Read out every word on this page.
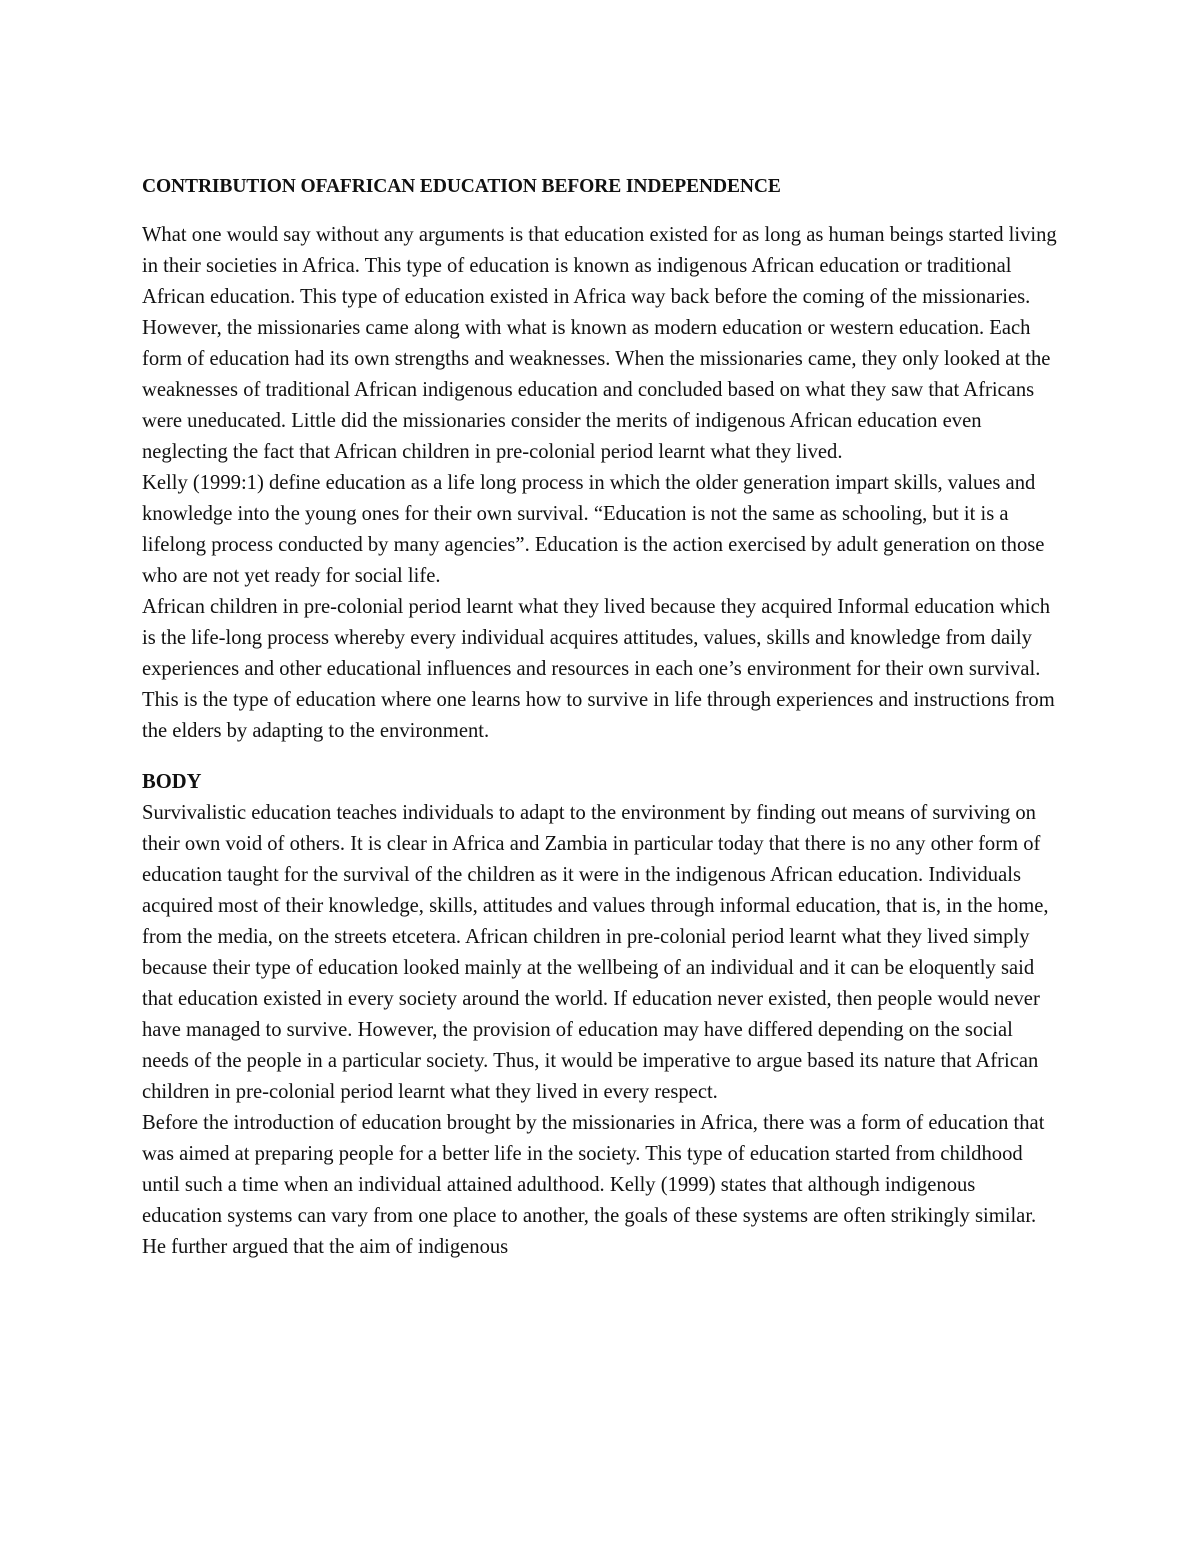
CONTRIBUTION OFAFRICAN EDUCATION BEFORE INDEPENDENCE

What one would say without any arguments is that education existed for as long as human beings started living in their societies in Africa. This type of education is known as indigenous African education or traditional African education. This type of education existed in Africa way back before the coming of the missionaries. However, the missionaries came along with what is known as modern education or western education. Each form of education had its own strengths and weaknesses. When the missionaries came, they only looked at the weaknesses of traditional African indigenous education and concluded based on what they saw that Africans were uneducated. Little did the missionaries consider the merits of indigenous African education even neglecting the fact that African children in pre-colonial period learnt what they lived.

Kelly (1999:1) define education as a life long process in which the older generation impart skills, values and knowledge into the young ones for their own survival. “Education is not the same as schooling, but it is a lifelong process conducted by many agencies”. Education is the action exercised by adult generation on those who are not yet ready for social life.

African children in pre-colonial period learnt what they lived because they acquired Informal education which is the life-long process whereby every individual acquires attitudes, values, skills and knowledge from daily experiences and other educational influences and resources in each one’s environment for their own survival. This is the type of education where one learns how to survive in life through experiences and instructions from the elders by adapting to the environment.

BODY

Survivalistic education teaches individuals to adapt to the environment by finding out means of surviving on their own void of others. It is clear in Africa and Zambia in particular today that there is no any other form of education taught for the survival of the children as it were in the indigenous African education. Individuals acquired most of their knowledge, skills, attitudes and values through informal education, that is, in the home, from the media, on the streets etcetera. African children in pre-colonial period learnt what they lived simply because their type of education looked mainly at the wellbeing of an individual and it can be eloquently said that education existed in every society around the world. If education never existed, then people would never have managed to survive. However, the provision of education may have differed depending on the social needs of the people in a particular society. Thus, it would be imperative to argue based its nature that African children in pre-colonial period learnt what they lived in every respect.

Before the introduction of education brought by the missionaries in Africa, there was a form of education that was aimed at preparing people for a better life in the society. This type of education started from childhood until such a time when an individual attained adulthood. Kelly (1999) states that although indigenous education systems can vary from one place to another, the goals of these systems are often strikingly similar. He further argued that the aim of indigenous
